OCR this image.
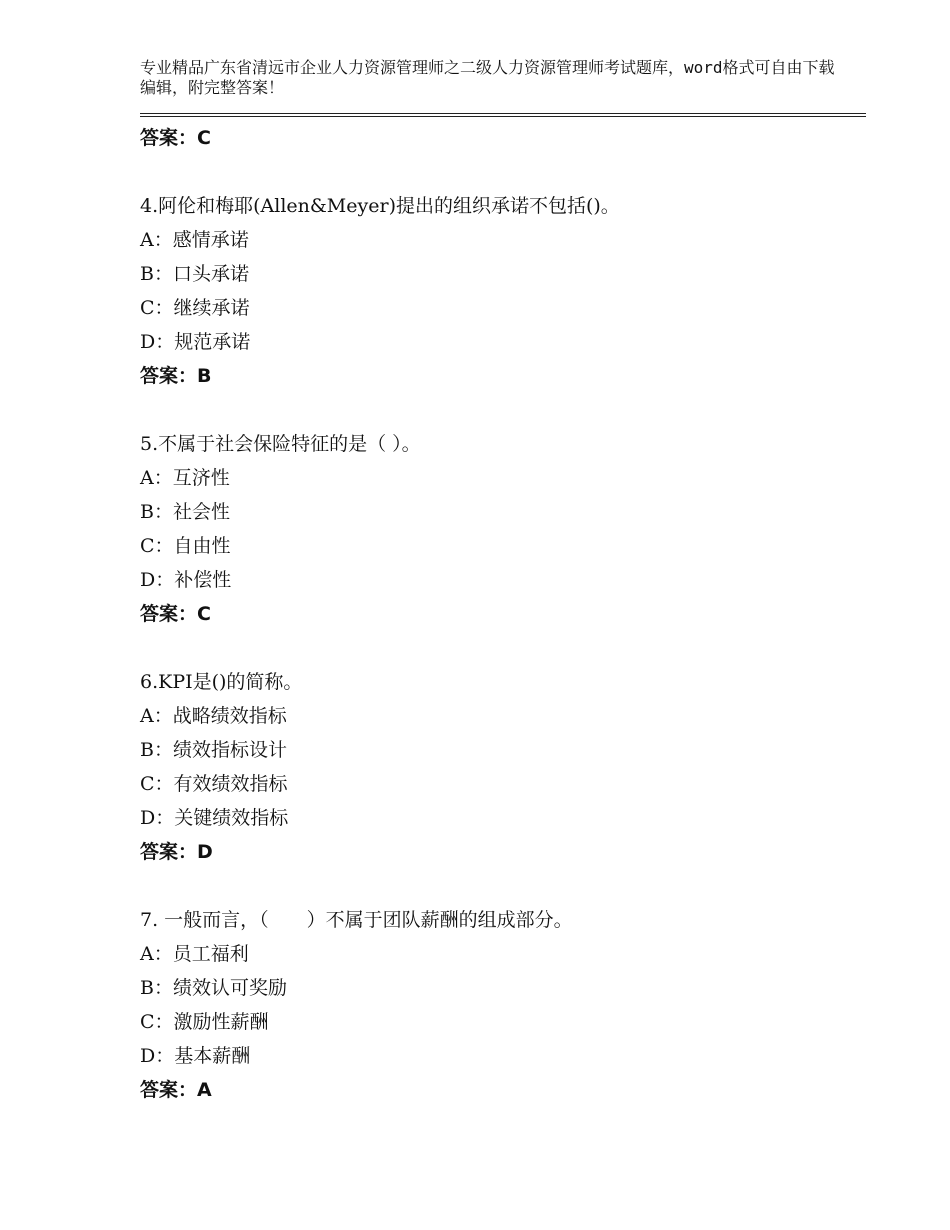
专业精品广东省清远市企业人力资源管理师之二级人力资源管理师考试题库，word格式可自由下载编辑，附完整答案！
答案：C
4.阿伦和梅耶(Allen&Meyer)提出的组织承诺不包括()。
A：感情承诺
B：口头承诺
C：继续承诺
D：规范承诺
答案：B
5.不属于社会保险特征的是（ ）。
A：互济性
B：社会性
C：自由性
D：补偿性
答案：C
6.KPI是()的简称。
A：战略绩效指标
B：绩效指标设计
C：有效绩效指标
D：关键绩效指标
答案：D
7. 一般而言，（　　）不属于团队薪酬的组成部分。
A：员工福利
B：绩效认可奖励
C：激励性薪酬
D：基本薪酬
答案：A
